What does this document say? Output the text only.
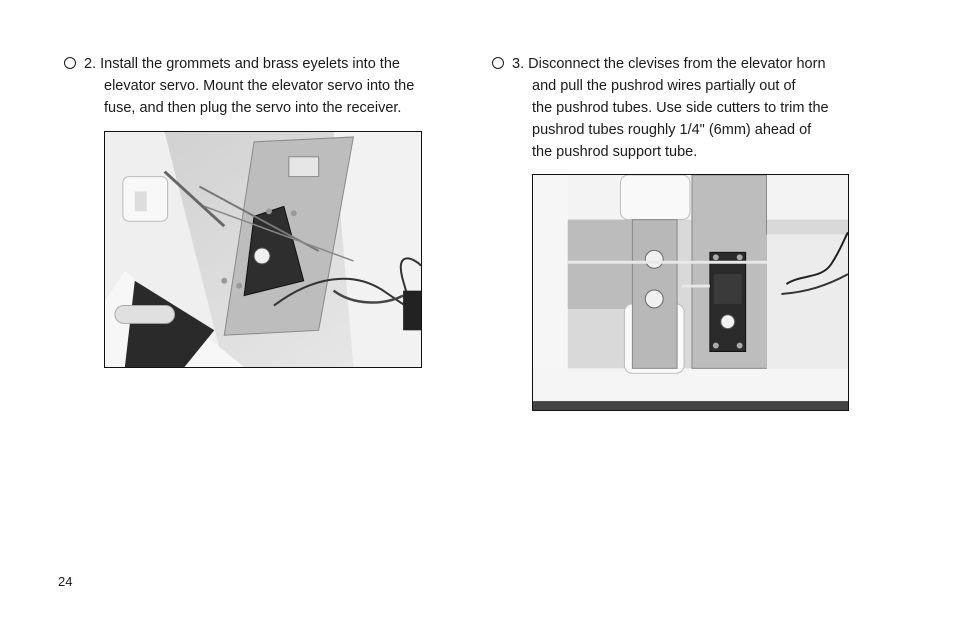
2. Install the grommets and brass eyelets into the
elevator servo. Mount the elevator servo into the
fuse, and then plug the servo into the receiver.
3. Disconnect the clevises from the elevator horn
and pull the pushrod wires partially out of
the pushrod tubes. Use side cutters to trim the
pushrod tubes roughly 1/4" (6mm) ahead of
the pushrod support tube.
24
